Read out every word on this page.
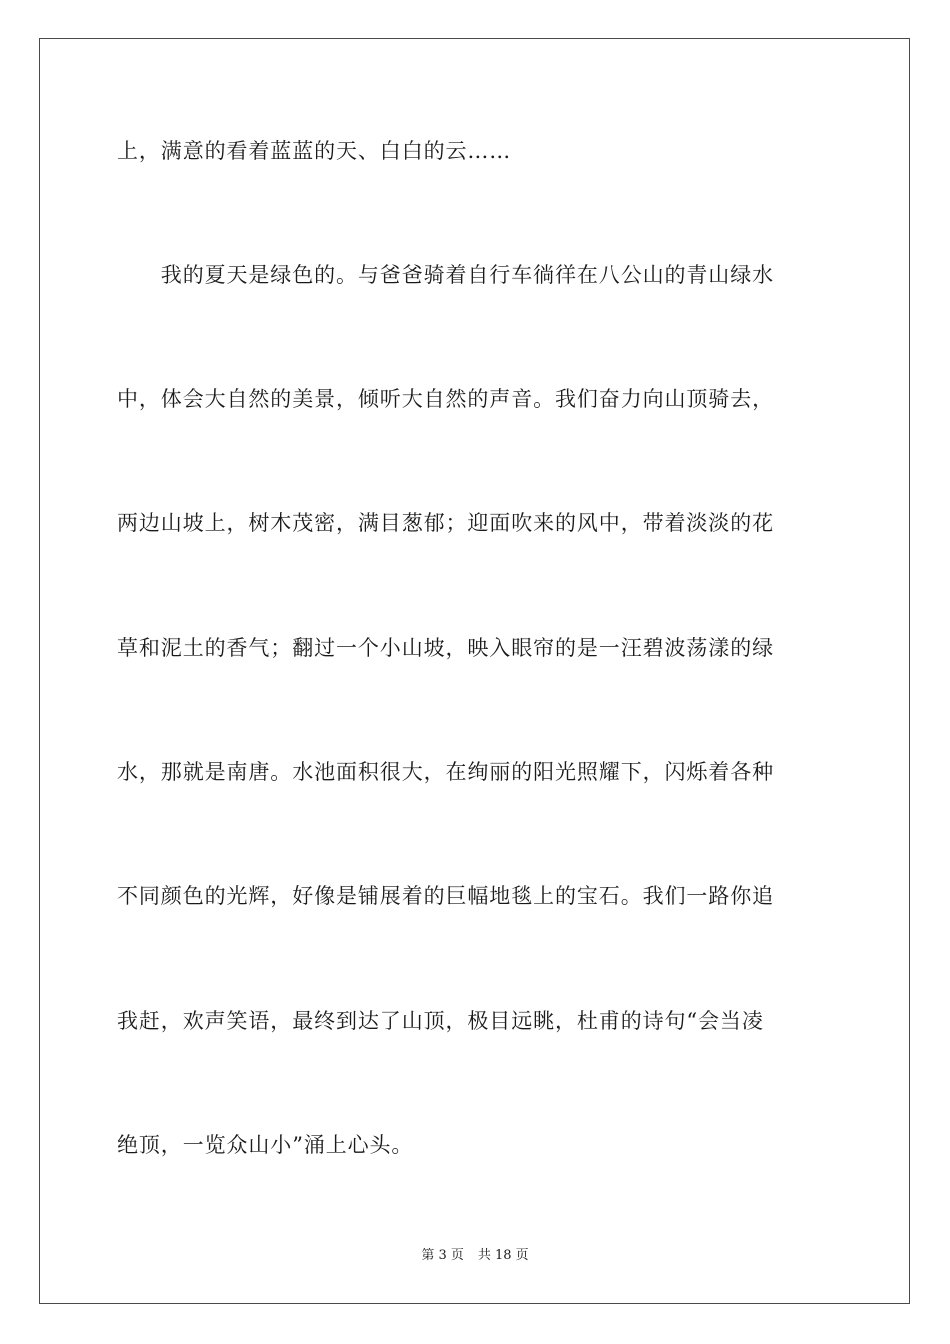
上，满意的看着蓝蓝的天、白白的云……
　　我的夏天是绿色的。与爸爸骑着自行车徜徉在八公山的青山绿水
中，体会大自然的美景，倾听大自然的声音。我们奋力向山顶骑去，
两边山坡上，树木茂密，满目葱郁；迎面吹来的风中，带着淡淡的花
草和泥土的香气；翻过一个小山坡，映入眼帘的是一汪碧波荡漾的绿
水，那就是南唐。水池面积很大，在绚丽的阳光照耀下，闪烁着各种
不同颜色的光辉，好像是铺展着的巨幅地毯上的宝石。我们一路你追
我赶，欢声笑语，最终到达了山顶，极目远眺，杜甫的诗句“会当凌
绝顶，一览众山小”涌上心头。
第 3 页 共 18 页
